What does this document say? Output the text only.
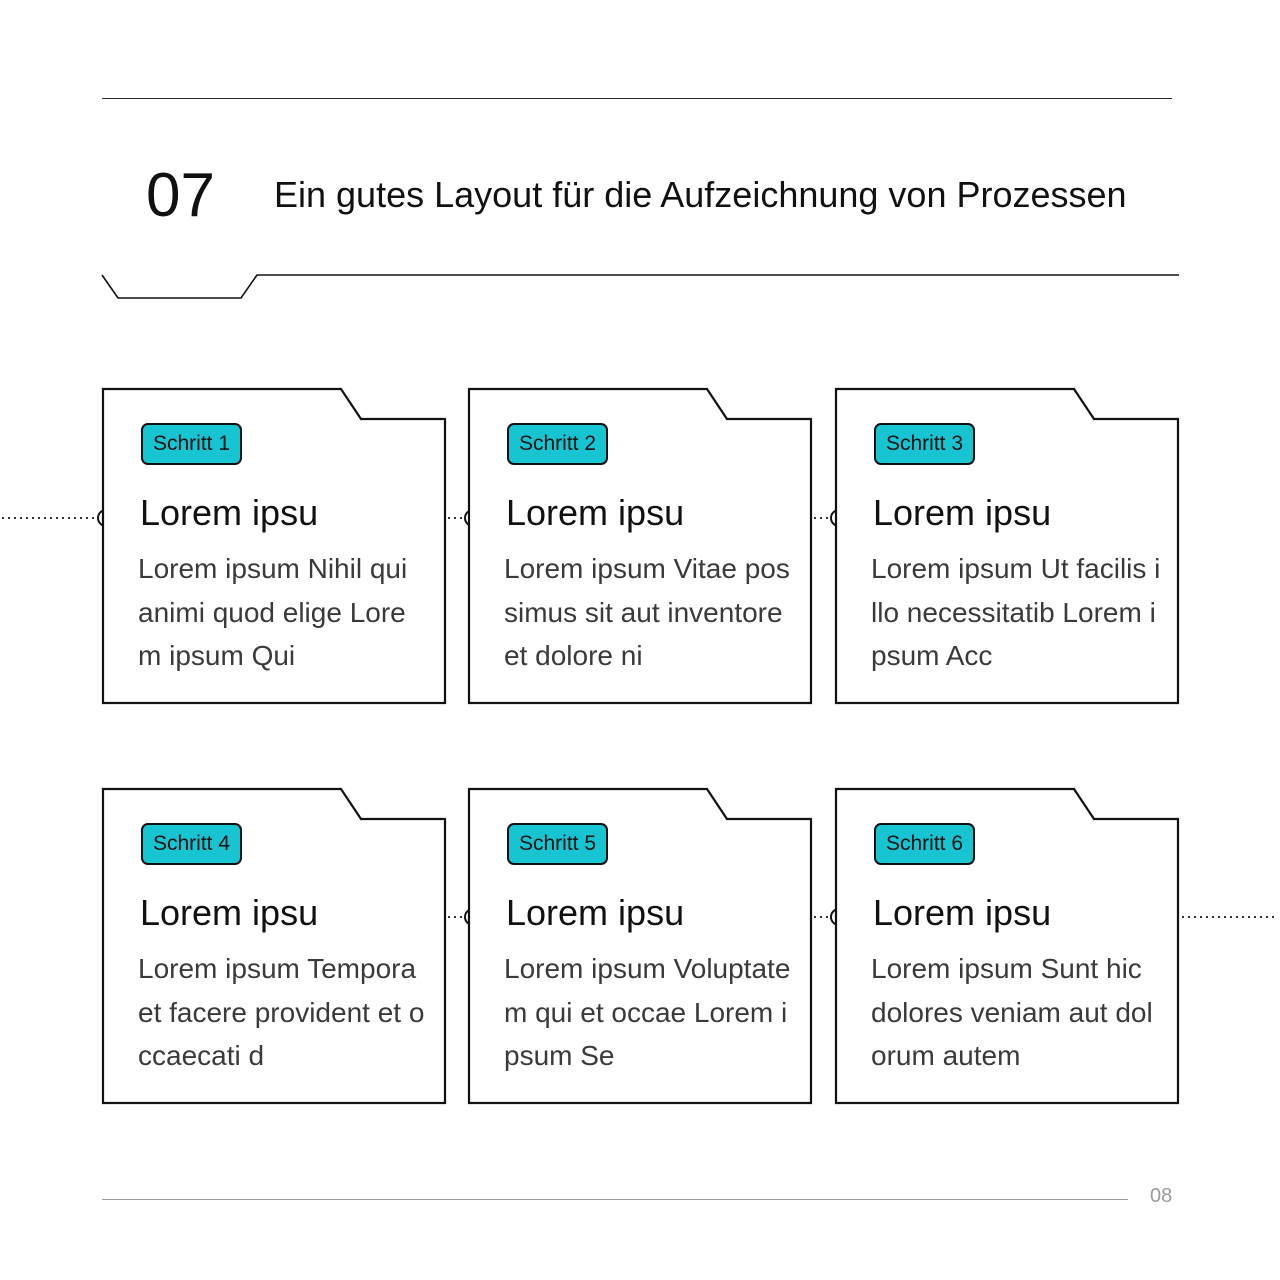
07 Ein gutes Layout für die Aufzeichnung von Prozessen
Schritt 1
Lorem ipsu
Lorem ipsum Nihil qui animi quod elige Lorem ipsum Qui
Schritt 2
Lorem ipsu
Lorem ipsum Vitae possimus sit aut inventore et dolore ni
Schritt 3
Lorem ipsu
Lorem ipsum Ut facilis illo necessitatib Lorem ipsum Acc
Schritt 4
Lorem ipsu
Lorem ipsum Tempora et facere provident et occaecati d
Schritt 5
Lorem ipsu
Lorem ipsum Voluptatem qui et occae Lorem ipsum Se
Schritt 6
Lorem ipsu
Lorem ipsum Sunt hic dolores veniam aut dolorum autem
08
